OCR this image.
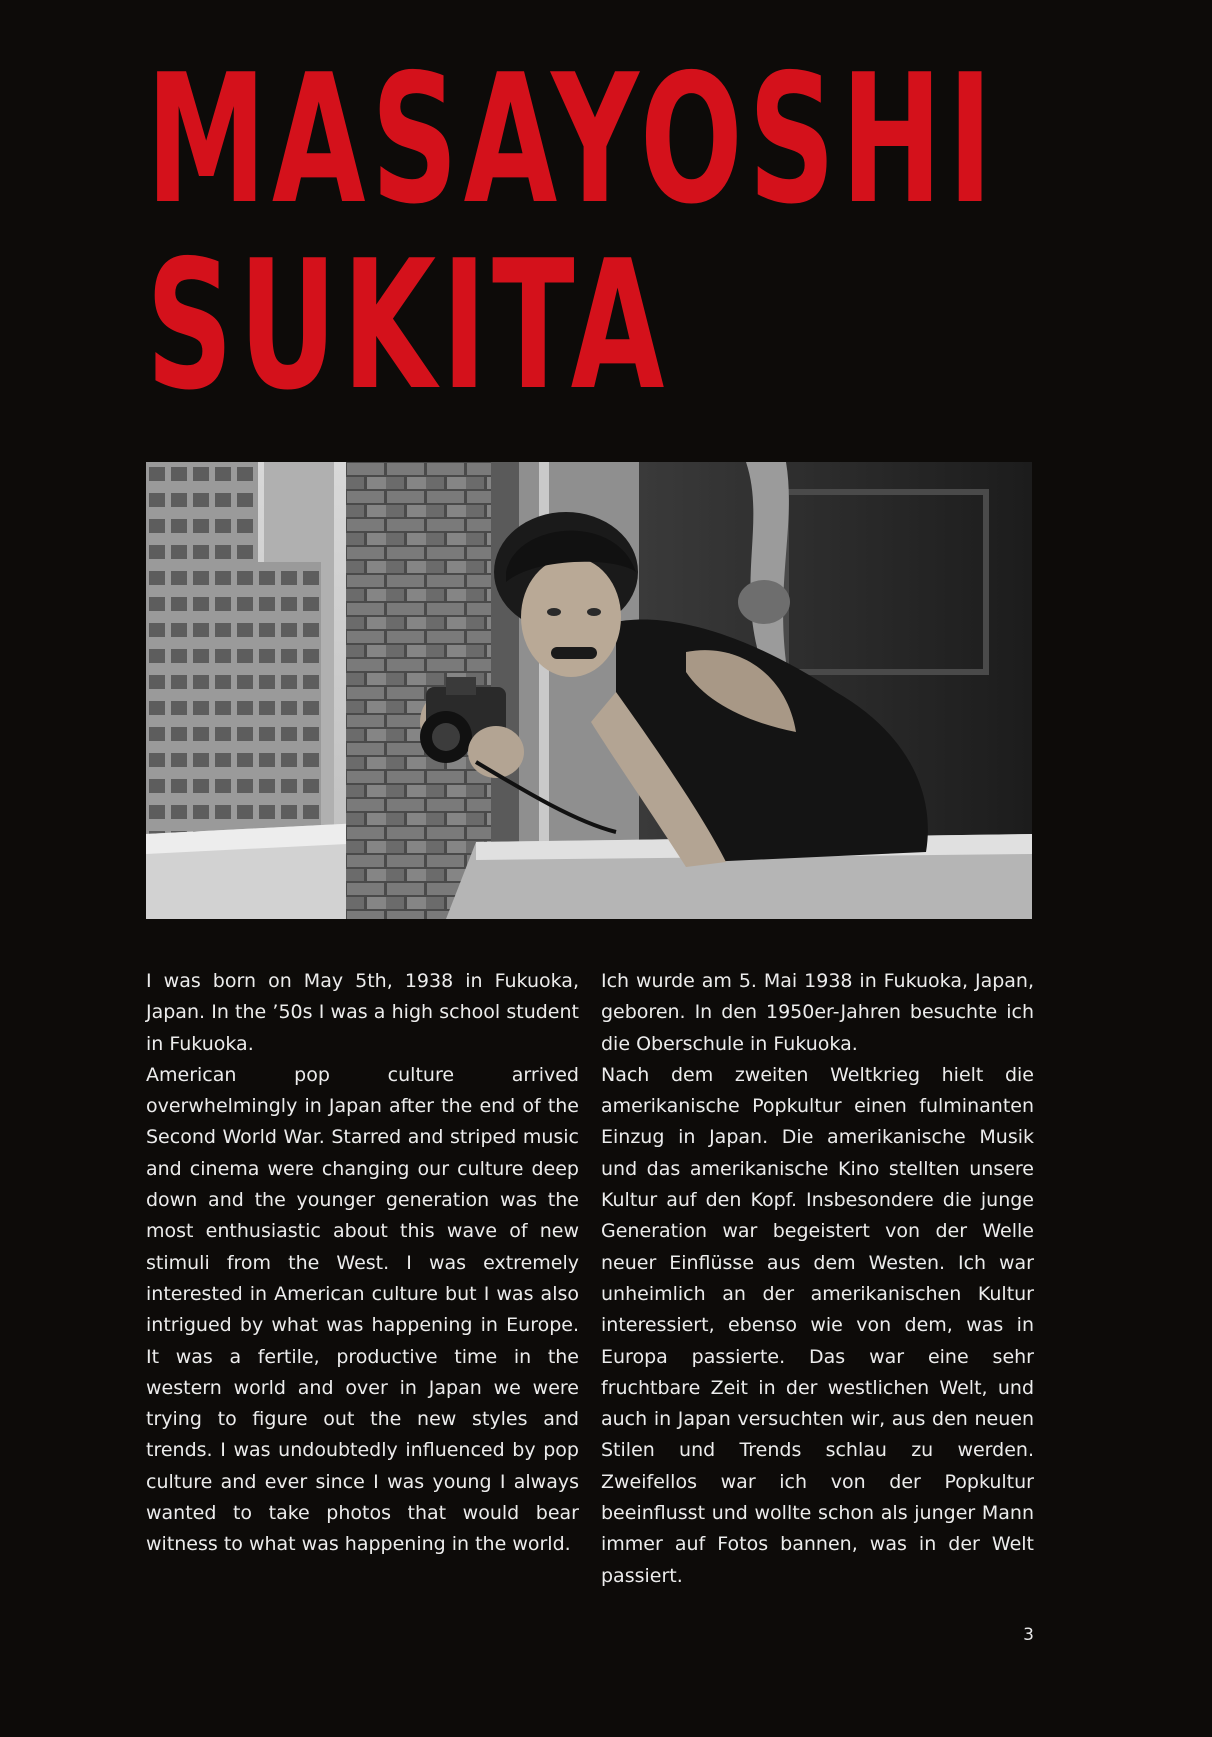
MASAYOSHI
SUKITA

I was born on May 5th, 1938 in Fukuoka, Japan. In the ’50s I was a high school student in Fukuoka.

American pop culture arrived overwhelmingly in Japan after the end of the Second World War. Starred and striped music and cinema were changing our culture deep down and the younger generation was the most enthusiastic about this wave of new stimuli from the West. I was extremely interested in American culture but I was also intrigued by what was happening in Europe. It was a fertile, productive time in the western world and over in Japan we were trying to figure out the new styles and trends. I was undoubtedly influenced by pop culture and ever since I was young I always wanted to take photos that would bear witness to what was happening in the world.

Ich wurde am 5. Mai 1938 in Fukuoka, Japan, geboren. In den 1950er-Jahren besuchte ich die Oberschule in Fukuoka.

Nach dem zweiten Weltkrieg hielt die amerikanische Popkultur einen fulminanten Einzug in Japan. Die amerikanische Musik und das amerikanische Kino stellten unsere Kultur auf den Kopf. Insbesondere die junge Generation war begeistert von der Welle neuer Einflüsse aus dem Westen. Ich war unheimlich an der amerikanischen Kultur interessiert, ebenso wie von dem, was in Europa passierte. Das war eine sehr fruchtbare Zeit in der westlichen Welt, und auch in Japan versuchten wir, aus den neuen Stilen und Trends schlau zu werden. Zweifellos war ich von der Popkultur beeinflusst und wollte schon als junger Mann immer auf Fotos bannen, was in der Welt passiert.

3
